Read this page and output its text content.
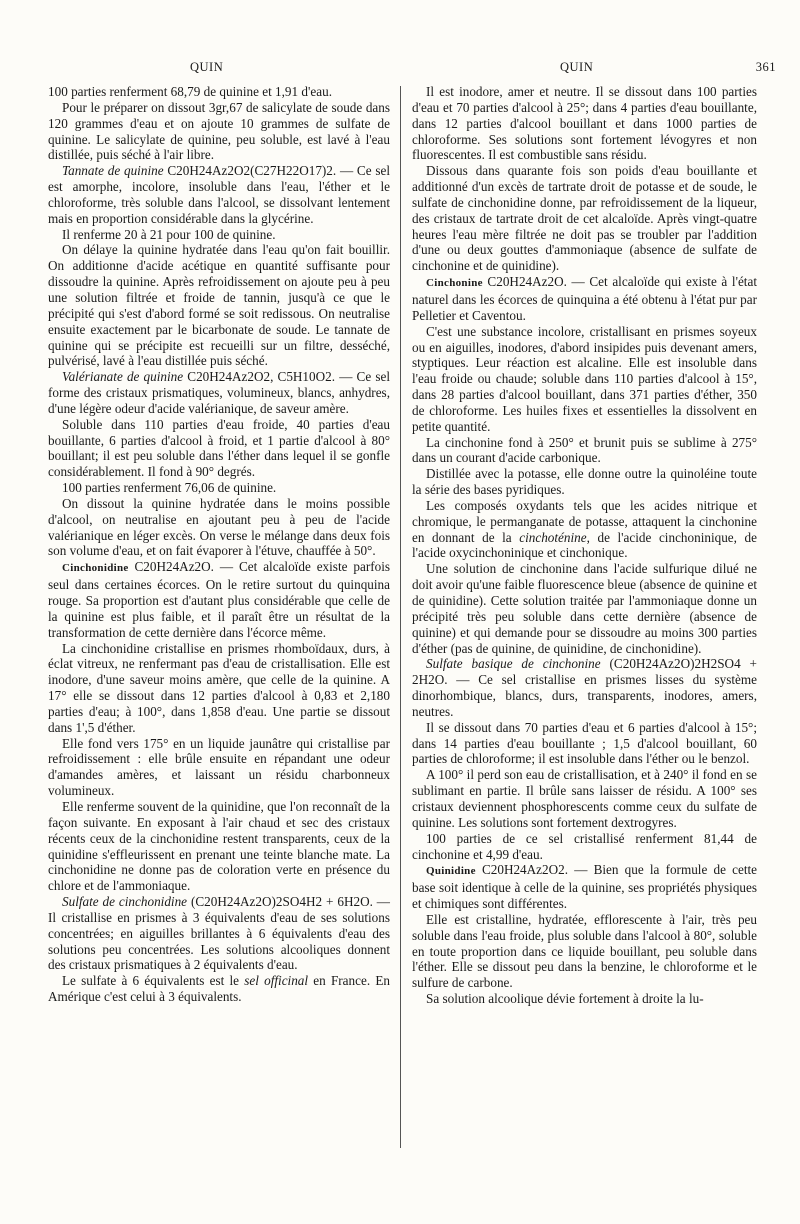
QUIN	QUIN	361

100 parties renferment 68,79 de quinine et 1,91 d'eau.

Pour le préparer on dissout 3gr,67 de salicylate de soude dans 120 grammes d'eau et on ajoute 10 grammes de sulfate de quinine. Le salicylate de quinine, peu soluble, est lavé à l'eau distillée, puis séché à l'air libre.

Tannate de quinine C20H24Az2O2(C27H22O17)2. — Ce sel est amorphe, incolore, insoluble dans l'eau, l'éther et le chloroforme, très soluble dans l'alcool, se dissolvant lentement mais en proportion considérable dans la glycérine.

Il renferme 20 à 21 pour 100 de quinine.

On délaye la quinine hydratée dans l'eau qu'on fait bouillir. On additionne d'acide acétique en quantité suffisante pour dissoudre la quinine. Après refroidissement on ajoute peu à peu une solution filtrée et froide de tannin, jusqu'à ce que le précipité qui s'est d'abord formé se soit redissous. On neutralise ensuite exactement par le bicarbonate de soude. Le tannate de quinine qui se précipite est recueilli sur un filtre, desséché, pulvérisé, lavé à l'eau distillée puis séché.

Valérianate de quinine C20H24Az2O2, C5H10O2. — Ce sel forme des cristaux prismatiques, volumineux, blancs, anhydres, d'une légère odeur d'acide valérianique, de saveur amère.

Soluble dans 110 parties d'eau froide, 40 parties d'eau bouillante, 6 parties d'alcool à froid, et 1 partie d'alcool à 80° bouillant; il est peu soluble dans l'éther dans lequel il se gonfle considérablement. Il fond à 90° degrés.

100 parties renferment 76,06 de quinine.

On dissout la quinine hydratée dans le moins possible d'alcool, on neutralise en ajoutant peu à peu de l'acide valérianique en léger excès. On verse le mélange dans deux fois son volume d'eau, et on fait évaporer à l'étuve, chauffée à 50°.

Cinchonidine C20H24Az2O. — Cet alcaloïde existe parfois seul dans certaines écorces. On le retire surtout du quinquina rouge. Sa proportion est d'autant plus considérable que celle de la quinine est plus faible, et il paraît être un résultat de la transformation de cette dernière dans l'écorce même.

La cinchonidine cristallise en prismes rhomboïdaux, durs, à éclat vitreux, ne renfermant pas d'eau de cristallisation. Elle est inodore, d'une saveur moins amère, que celle de la quinine. A 17° elle se dissout dans 12 parties d'alcool à 0,83 et 2,180 parties d'eau; à 100°, dans 1,858 d'eau. Une partie se dissout dans 1',5 d'éther.

Elle fond vers 175° en un liquide jaunâtre qui cristallise par refroidissement : elle brûle ensuite en répandant une odeur d'amandes amères, et laissant un résidu charbonneux volumineux.

Elle renferme souvent de la quinidine, que l'on reconnaît de la façon suivante. En exposant à l'air chaud et sec des cristaux récents ceux de la cinchonidine restent transparents, ceux de la quinidine s'effleurissent en prenant une teinte blanche mate. La cinchonidine ne donne pas de coloration verte en présence du chlore et de l'ammoniaque.

Sulfate de cinchonidine (C20H24Az2O)2SO4H2 + 6H2O. — Il cristallise en prismes à 3 équivalents d'eau de ses solutions concentrées; en aiguilles brillantes à 6 équivalents d'eau des solutions peu concentrées. Les solutions alcooliques donnent des cristaux prismatiques à 2 équivalents d'eau.

Le sulfate à 6 équivalents est le sel officinal en France. En Amérique c'est celui à 3 équivalents.

Il est inodore, amer et neutre. Il se dissout dans 100 parties d'eau et 70 parties d'alcool à 25°; dans 4 parties d'eau bouillante, dans 12 parties d'alcool bouillant et dans 1000 parties de chloroforme. Ses solutions sont fortement lévogyres et non fluorescentes. Il est combustible sans résidu.

Dissous dans quarante fois son poids d'eau bouillante et additionné d'un excès de tartrate droit de potasse et de soude, le sulfate de cinchonidine donne, par refroidissement de la liqueur, des cristaux de tartrate droit de cet alcaloïde. Après vingt-quatre heures l'eau mère filtrée ne doit pas se troubler par l'addition d'une ou deux gouttes d'ammoniaque (absence de sulfate de cinchonine et de quinidine).

Cinchonine C20H24Az2O. — Cet alcaloïde qui existe à l'état naturel dans les écorces de quinquina a été obtenu à l'état pur par Pelletier et Caventou.

C'est une substance incolore, cristallisant en prismes soyeux ou en aiguilles, inodores, d'abord insipides puis devenant amers, styptiques. Leur réaction est alcaline. Elle est insoluble dans l'eau froide ou chaude; soluble dans 110 parties d'alcool à 15°, dans 28 parties d'alcool bouillant, dans 371 parties d'éther, 350 de chloroforme. Les huiles fixes et essentielles la dissolvent en petite quantité.

La cinchonine fond à 250° et brunit puis se sublime à 275° dans un courant d'acide carbonique.

Distillée avec la potasse, elle donne outre la quinoléine toute la série des bases pyridiques.

Les composés oxydants tels que les acides nitrique et chromique, le permanganate de potasse, attaquent la cinchonine en donnant de la cinchoténine, de l'acide cinchoninique, de l'acide oxycinchoninique et cinchonique.

Une solution de cinchonine dans l'acide sulfurique dilué ne doit avoir qu'une faible fluorescence bleue (absence de quinine et de quinidine). Cette solution traitée par l'ammoniaque donne un précipité très peu soluble dans cette dernière (absence de quinine) et qui demande pour se dissoudre au moins 300 parties d'éther (pas de quinine, de quinidine, de cinchonidine).

Sulfate basique de cinchonine (C20H24Az2O)2H2SO4 + 2H2O. — Ce sel cristallise en prismes lisses du système dinorhombique, blancs, durs, transparents, inodores, amers, neutres.

Il se dissout dans 70 parties d'eau et 6 parties d'alcool à 15°; dans 14 parties d'eau bouillante ; 1,5 d'alcool bouillant, 60 parties de chloroforme; il est insoluble dans l'éther ou le benzol.

A 100° il perd son eau de cristallisation, et à 240° il fond en se sublimant en partie. Il brûle sans laisser de résidu. A 100° ses cristaux deviennent phosphorescents comme ceux du sulfate de quinine. Les solutions sont fortement dextrogyres.

100 parties de ce sel cristallisé renferment 81,44 de cinchonine et 4,99 d'eau.

Quinidine C20H24Az2O2. — Bien que la formule de cette base soit identique à celle de la quinine, ses propriétés physiques et chimiques sont différentes.

Elle est cristalline, hydratée, efflorescente à l'air, très peu soluble dans l'eau froide, plus soluble dans l'alcool à 80°, soluble en toute proportion dans ce liquide bouillant, peu soluble dans l'éther. Elle se dissout peu dans la benzine, le chloroforme et le sulfure de carbone.

Sa solution alcoolique dévie fortement à droite la lu-
